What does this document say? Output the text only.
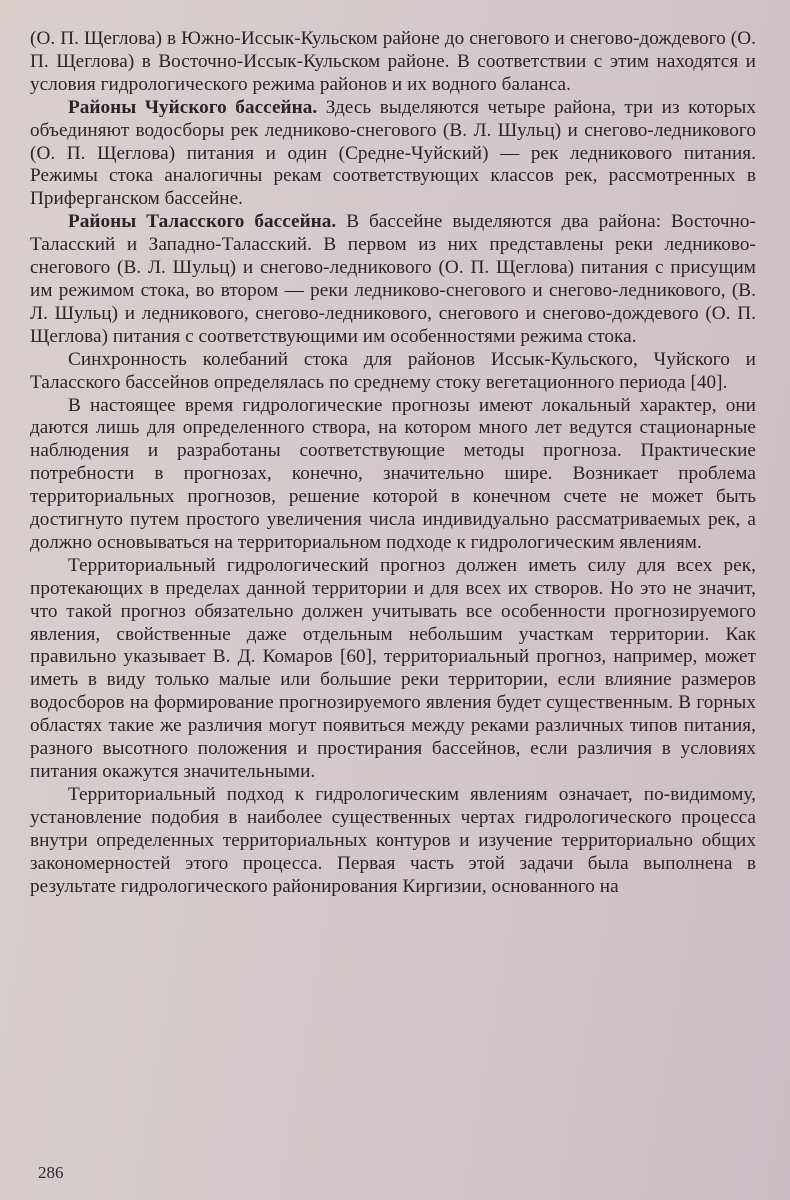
(О. П. Щеглова) в Южно-Иссык-Кульском районе до снегового и снегово-дождевого (О. П. Щеглова) в Восточно-Иссык-Кульском районе. В соответствии с этим находятся и условия гидрологического режима районов и их водного баланса.

Районы Чуйского бассейна. Здесь выделяются четыре района, три из которых объединяют водосборы рек ледниково-снегового (В. Л. Шульц) и снегово-ледникового (О. П. Щеглова) питания и один (Средне-Чуйский) — рек ледникового питания. Режимы стока аналогичны рекам соответствующих классов рек, рассмотренных в Приферганском бассейне.

Районы Таласского бассейна. В бассейне выделяются два района: Восточно-Таласский и Западно-Таласский. В первом из них представлены реки ледниково-снегового (В. Л. Шульц) и снегово-ледникового (О. П. Щеглова) питания с присущим им режимом стока, во втором — реки ледниково-снегового и снегово-ледникового, (В. Л. Шульц) и ледникового, снегово-ледникового, снегового и снегово-дождевого (О. П. Щеглова) питания с соответствующими им особенностями режима стока.

Синхронность колебаний стока для районов Иссык-Кульского, Чуйского и Таласского бассейнов определялась по среднему стоку вегетационного периода [40].

В настоящее время гидрологические прогнозы имеют локальный характер, они даются лишь для определенного створа, на котором много лет ведутся стационарные наблюдения и разработаны соответствующие методы прогноза. Практические потребности в прогнозах, конечно, значительно шире. Возникает проблема территориальных прогнозов, решение которой в конечном счете не может быть достигнуто путем простого увеличения числа индивидуально рассматриваемых рек, а должно основываться на территориальном подходе к гидрологическим явлениям.

Территориальный гидрологический прогноз должен иметь силу для всех рек, протекающих в пределах данной территории и для всех их створов. Но это не значит, что такой прогноз обязательно должен учитывать все особенности прогнозируемого явления, свойственные даже отдельным небольшим участкам территории. Как правильно указывает В. Д. Комаров [60], территориальный прогноз, например, может иметь в виду только малые или большие реки территории, если влияние размеров водосборов на формирование прогнозируемого явления будет существенным. В горных областях такие же различия могут появиться между реками различных типов питания, разного высотного положения и простирания бассейнов, если различия в условиях питания окажутся значительными.

Территориальный подход к гидрологическим явлениям означает, по-видимому, установление подобия в наиболее существенных чертах гидрологического процесса внутри определенных территориальных контуров и изучение территориально общих закономерностей этого процесса. Первая часть этой задачи была выполнена в результате гидрологического районирования Киргизии, основанного на

286
